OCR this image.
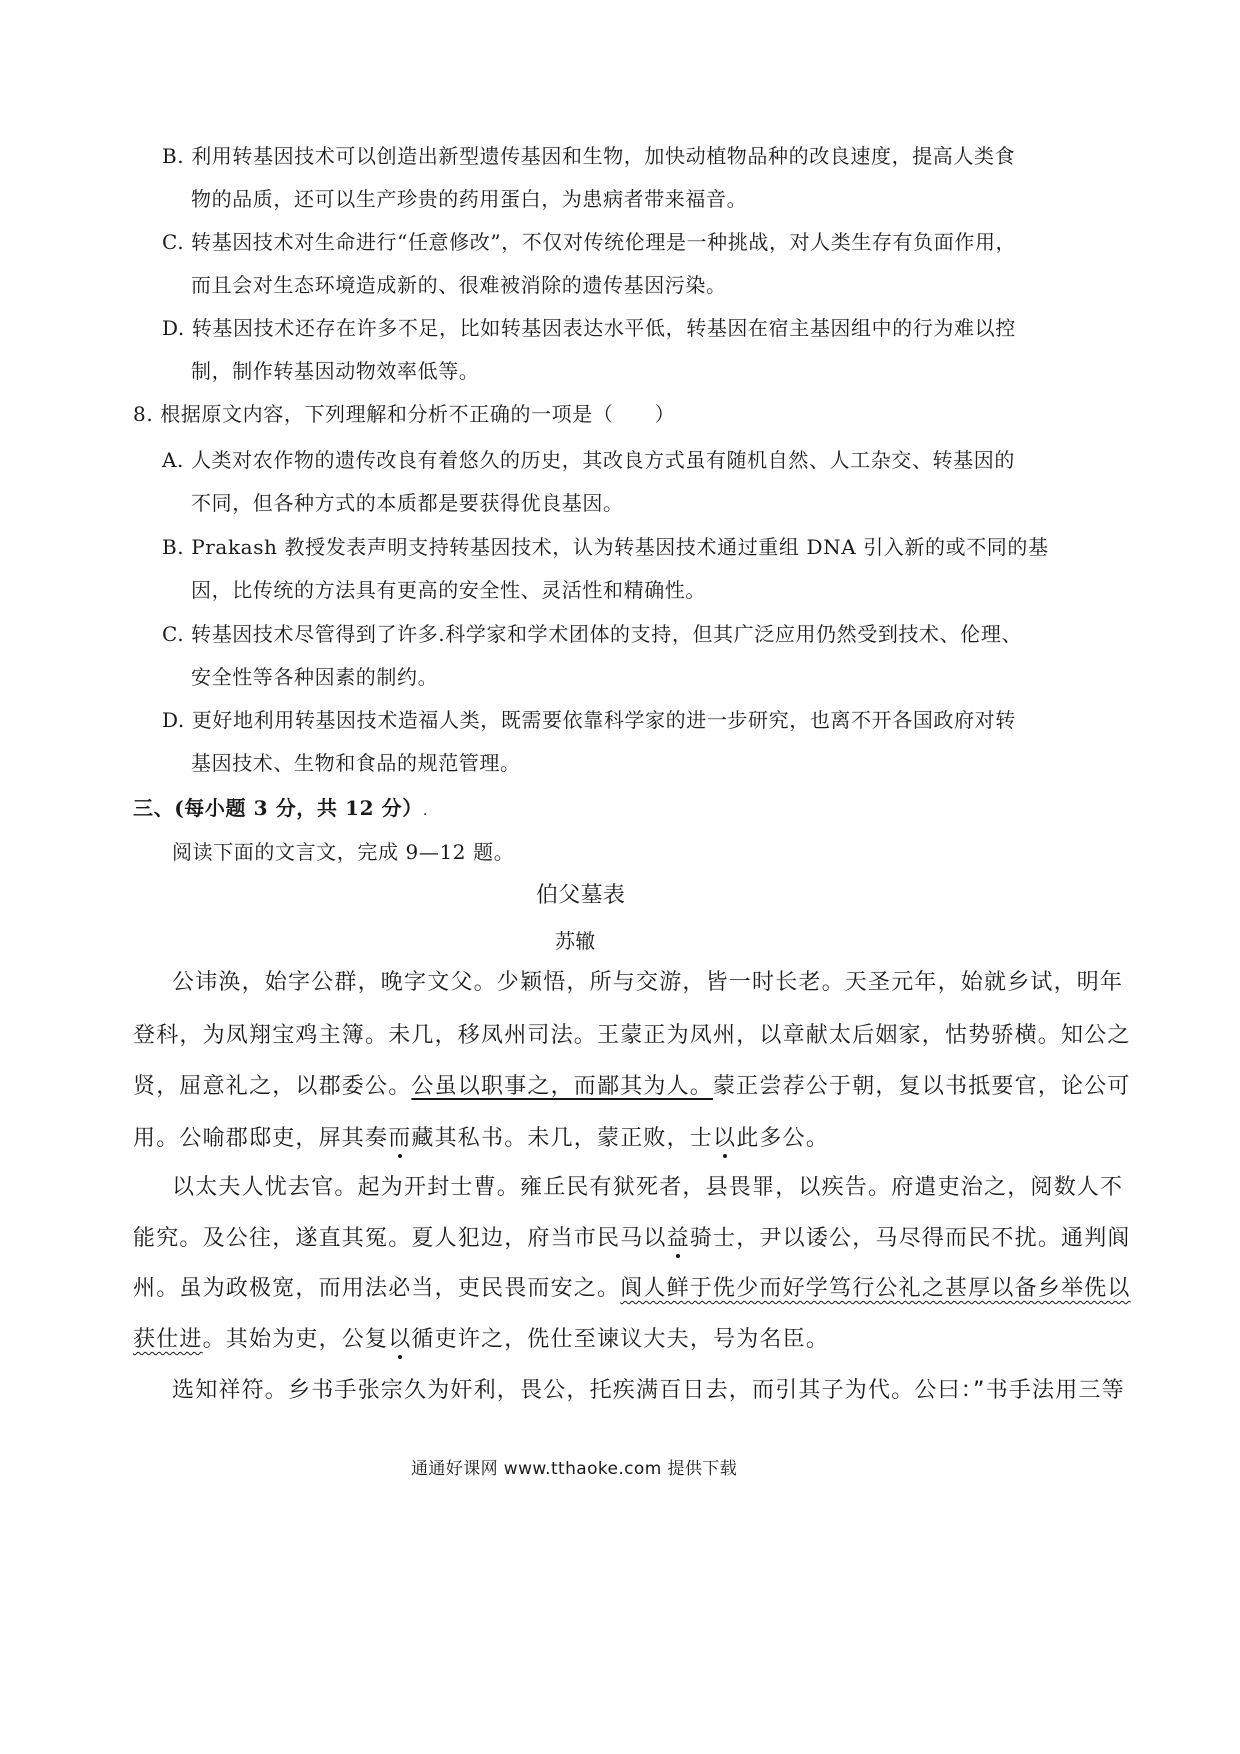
B. 利用转基因技术可以创造出新型遗传基因和生物，加快动植物品种的改良速度，提高人类食

物的品质，还可以生产珍贵的药用蛋白，为患病者带来福音。

C. 转基因技术对生命进行“任意修改”，不仅对传统伦理是一种挑战，对人类生存有负面作用，

而且会对生态环境造成新的、很难被消除的遗传基因污染。

D. 转基因技术还存在许多不足，比如转基因表达水平低，转基因在宿主基因组中的行为难以控

制，制作转基因动物效率低等。

8. 根据原文内容，下列理解和分析不正确的一项是（　　）

A. 人类对农作物的遗传改良有着悠久的历史，其改良方式虽有随机自然、人工杂交、转基因的

不同，但各种方式的本质都是要获得优良基因。

B. Prakash 教授发表声明支持转基因技术，认为转基因技术通过重组 DNA 引入新的或不同的基

因，比传统的方法具有更高的安全性、灵活性和精确性。

C. 转基因技术尽管得到了许多.科学家和学术团体的支持，但其广泛应用仍然受到技术、伦理、

安全性等各种因素的制约。

D. 更好地利用转基因技术造福人类，既需要依靠科学家的进一步研究，也离不开各国政府对转

基因技术、生物和食品的规范管理。

三、(每小题 3 分，共 12 分）.

阅读下面的文言文，完成 9—12 题。

伯父墓表

苏辙

公讳涣，始字公群，晚字文父。少颖悟，所与交游，皆一时长老。天圣元年，始就乡试，明年

登科，为凤翔宝鸡主簿。未几，移凤州司法。王蒙正为凤州，以章献太后姻家，怙势骄横。知公之

贤，屈意礼之，以郡委公。公虽以职事之，而鄙其为人。蒙正尝荐公于朝，复以书抵要官，论公可

用。公喻郡邸吏，屏其奏而藏其私书。未几，蒙正败，士以此多公。

以太夫人忧去官。起为开封士曹。雍丘民有狱死者，县畏罪，以疾告。府遣吏治之，阅数人不

能究。及公往，遂直其冤。夏人犯边，府当市民马以益骑士，尹以诿公，马尽得而民不扰。通判阆

州。虽为政极宽，而用法必当，吏民畏而安之。阆人鲜于侁少而好学笃行公礼之甚厚以备乡举侁以

获仕进。其始为吏，公复以循吏许之，侁仕至谏议大夫，号为名臣。

选知祥符。乡书手张宗久为奸利，畏公，托疾满百日去，而引其子为代。公曰：”书手法用三等

通通好课网 www.tthaoke.com 提供下载
